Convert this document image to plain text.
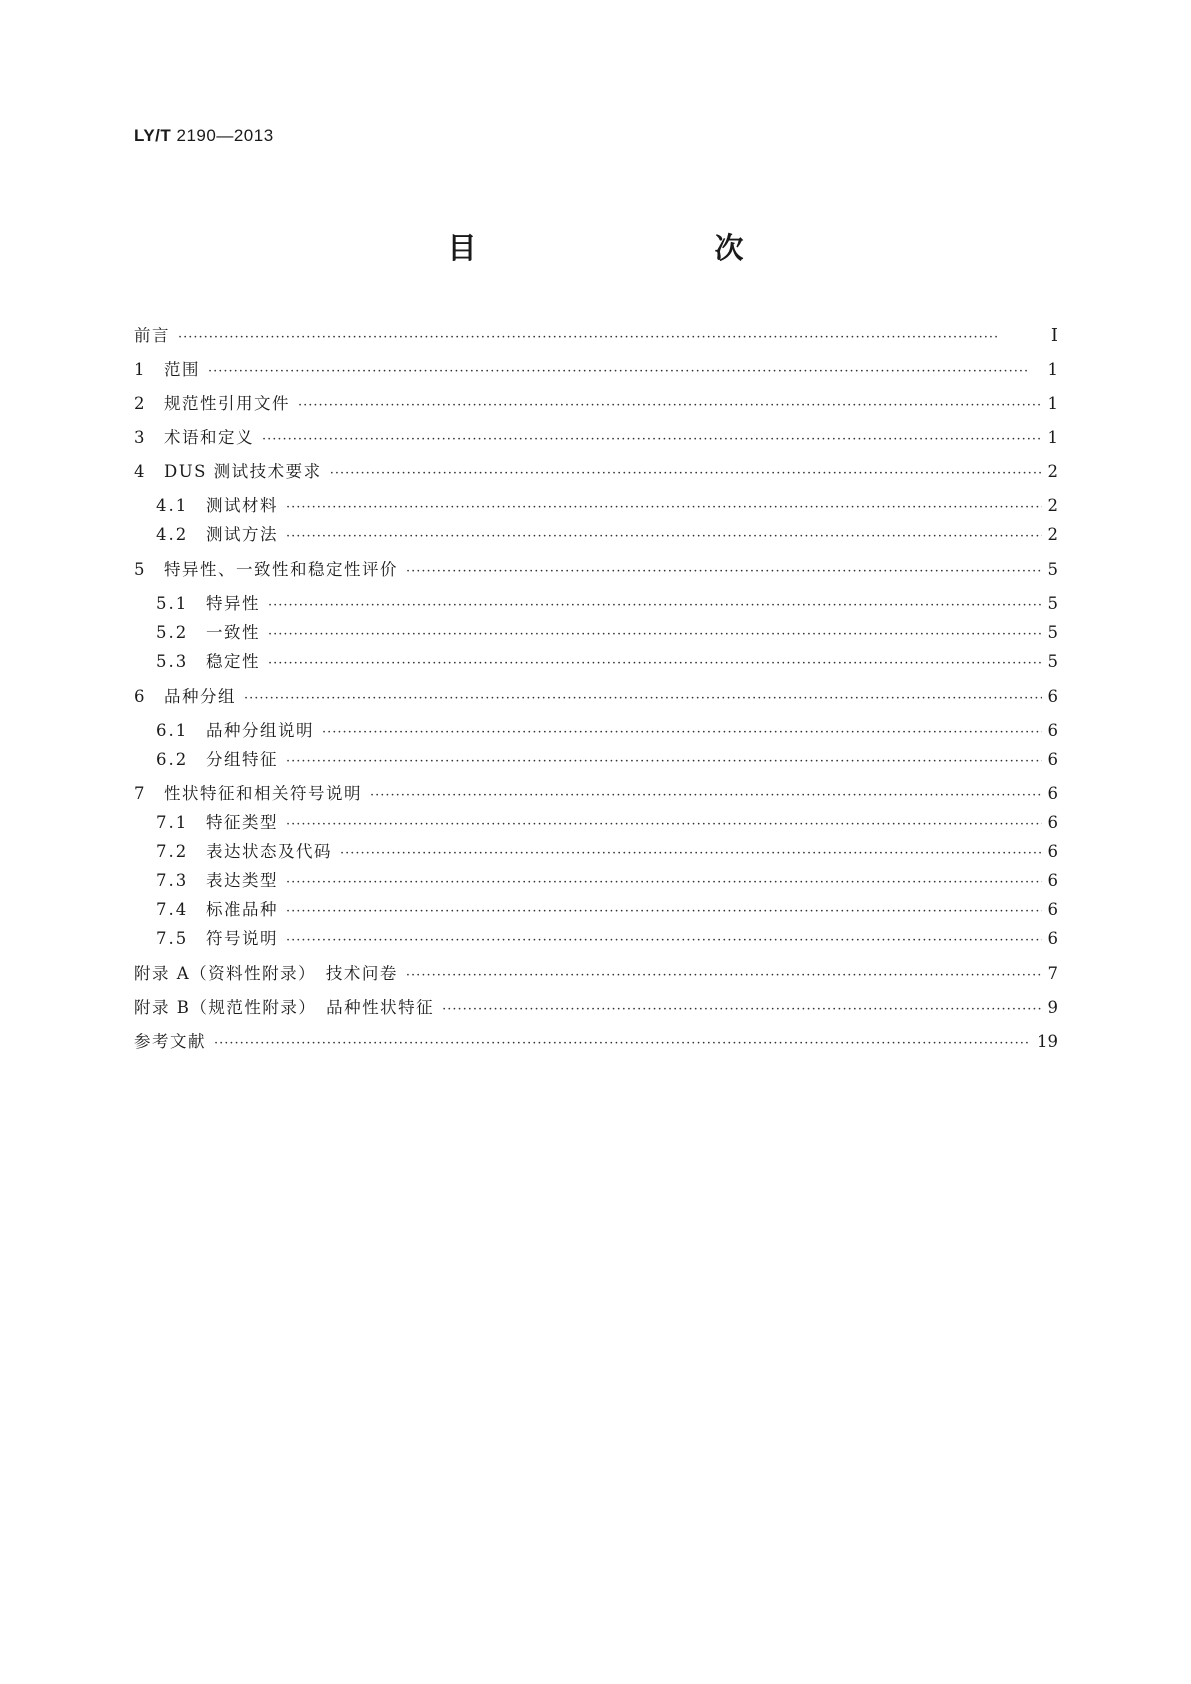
LY/T 2190—2013
目　　次
前言 ·····	Ⅰ
1	范围 ·····	1
2	规范性引用文件 ·····	1
3	术语和定义 ·····	1
4	DUS 测试技术要求 ·····	2
4.1	测试材料 ·····	2
4.2	测试方法 ·····	2
5	特异性、一致性和稳定性评价 ·····	5
5.1	特异性 ·····	5
5.2	一致性 ·····	5
5.3	稳定性 ·····	5
6	品种分组 ·····	6
6.1	品种分组说明 ·····	6
6.2	分组特征 ·····	6
7	性状特征和相关符号说明 ·····	6
7.1	特征类型 ·····	6
7.2	表达状态及代码 ·····	6
7.3	表达类型 ·····	6
7.4	标准品种 ·····	6
7.5	符号说明 ·····	6
附录 A（资料性附录）　技术问卷 ·····	7
附录 B（规范性附录）　品种性状特征 ·····	9
参考文献 ·····	19
